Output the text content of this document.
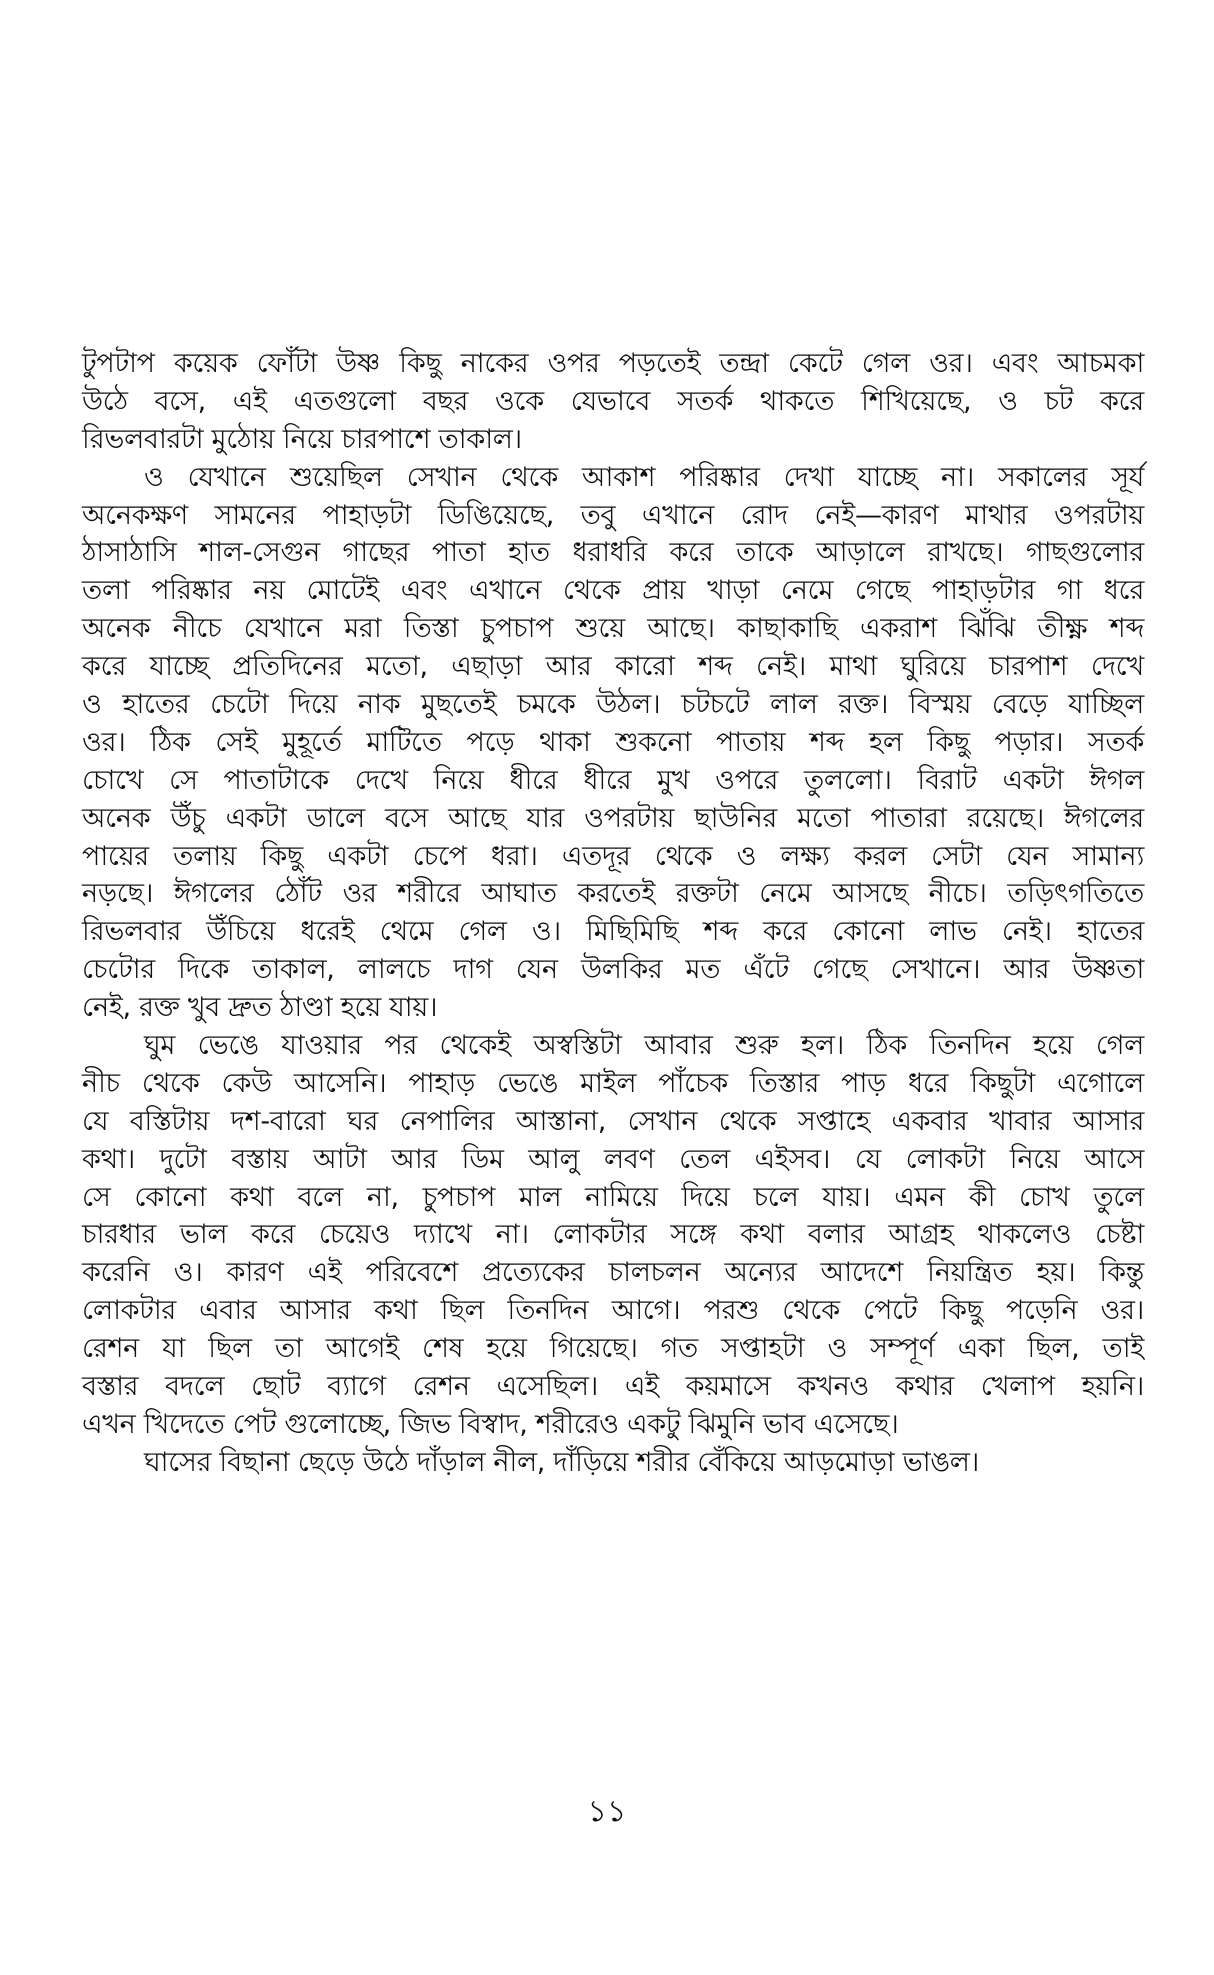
টুপটাপ কয়েক ফোঁটা উষ্ণ কিছু নাকের ওপর পড়তেই তন্দ্রা কেটে গেল ওর। এবং আচমকা
উঠে বসে, এই এতগুলো বছর ওকে যেভাবে সতর্ক থাকতে শিখিয়েছে, ও চট করে
রিভলবারটা মুঠোয় নিয়ে চারপাশে তাকাল।
ও যেখানে শুয়েছিল সেখান থেকে আকাশ পরিষ্কার দেখা যাচ্ছে না। সকালের সূর্য
অনেকক্ষণ সামনের পাহাড়টা ডিঙিয়েছে, তবু এখানে রোদ নেই—কারণ মাথার ওপরটায়
ঠাসাঠাসি শাল-সেগুন গাছের পাতা হাত ধরাধরি করে তাকে আড়ালে রাখছে। গাছগুলোর
তলা পরিষ্কার নয় মোটেই এবং এখানে থেকে প্রায় খাড়া নেমে গেছে পাহাড়টার গা ধরে
অনেক নীচে যেখানে মরা তিস্তা চুপচাপ শুয়ে আছে। কাছাকাছি একরাশ ঝিঁঝি তীক্ষ্ণ শব্দ
করে যাচ্ছে প্রতিদিনের মতো, এছাড়া আর কারো শব্দ নেই। মাথা ঘুরিয়ে চারপাশ দেখে
ও হাতের চেটো দিয়ে নাক মুছতেই চমকে উঠল। চটচটে লাল রক্ত। বিস্ময় বেড়ে যাচ্ছিল
ওর। ঠিক সেই মুহূর্তে মাটিতে পড়ে থাকা শুকনো পাতায় শব্দ হল কিছু পড়ার। সতর্ক
চোখে সে পাতাটাকে দেখে নিয়ে ধীরে ধীরে মুখ ওপরে তুললো। বিরাট একটা ঈগল
অনেক উঁচু একটা ডালে বসে আছে যার ওপরটায় ছাউনির মতো পাতারা রয়েছে। ঈগলের
পায়ের তলায় কিছু একটা চেপে ধরা। এতদূর থেকে ও লক্ষ্য করল সেটা যেন সামান্য
নড়ছে। ঈগলের ঠোঁট ওর শরীরে আঘাত করতেই রক্তটা নেমে আসছে নীচে। তড়িৎগতিতে
রিভলবার উঁচিয়ে ধরেই থেমে গেল ও। মিছিমিছি শব্দ করে কোনো লাভ নেই। হাতের
চেটোর দিকে তাকাল, লালচে দাগ যেন উলকির মত এঁটে গেছে সেখানে। আর উষ্ণতা
নেই, রক্ত খুব দ্রুত ঠাণ্ডা হয়ে যায়।
ঘুম ভেঙে যাওয়ার পর থেকেই অস্বস্তিটা আবার শুরু হল। ঠিক তিনদিন হয়ে গেল
নীচ থেকে কেউ আসেনি। পাহাড় ভেঙে মাইল পাঁচেক তিস্তার পাড় ধরে কিছুটা এগোলে
যে বস্তিটায় দশ-বারো ঘর নেপালির আস্তানা, সেখান থেকে সপ্তাহে একবার খাবার আসার
কথা। দুটো বস্তায় আটা আর ডিম আলু লবণ তেল এইসব। যে লোকটা নিয়ে আসে
সে কোনো কথা বলে না, চুপচাপ মাল নামিয়ে দিয়ে চলে যায়। এমন কী চোখ তুলে
চারধার ভাল করে চেয়েও দ্যাখে না। লোকটার সঙ্গে কথা বলার আগ্রহ থাকলেও চেষ্টা
করেনি ও। কারণ এই পরিবেশে প্রত্যেকের চালচলন অন্যের আদেশে নিয়ন্ত্রিত হয়। কিন্তু
লোকটার এবার আসার কথা ছিল তিনদিন আগে। পরশু থেকে পেটে কিছু পড়েনি ওর।
রেশন যা ছিল তা আগেই শেষ হয়ে গিয়েছে। গত সপ্তাহটা ও সম্পূর্ণ একা ছিল, তাই
বস্তার বদলে ছোট ব্যাগে রেশন এসেছিল। এই কয়মাসে কখনও কথার খেলাপ হয়নি।
এখন খিদেতে পেট গুলোচ্ছে, জিভ বিস্বাদ, শরীরেও একটু ঝিমুনি ভাব এসেছে।
ঘাসের বিছানা ছেড়ে উঠে দাঁড়াল নীল, দাঁড়িয়ে শরীর বেঁকিয়ে আড়মোড়া ভাঙল।
১১
